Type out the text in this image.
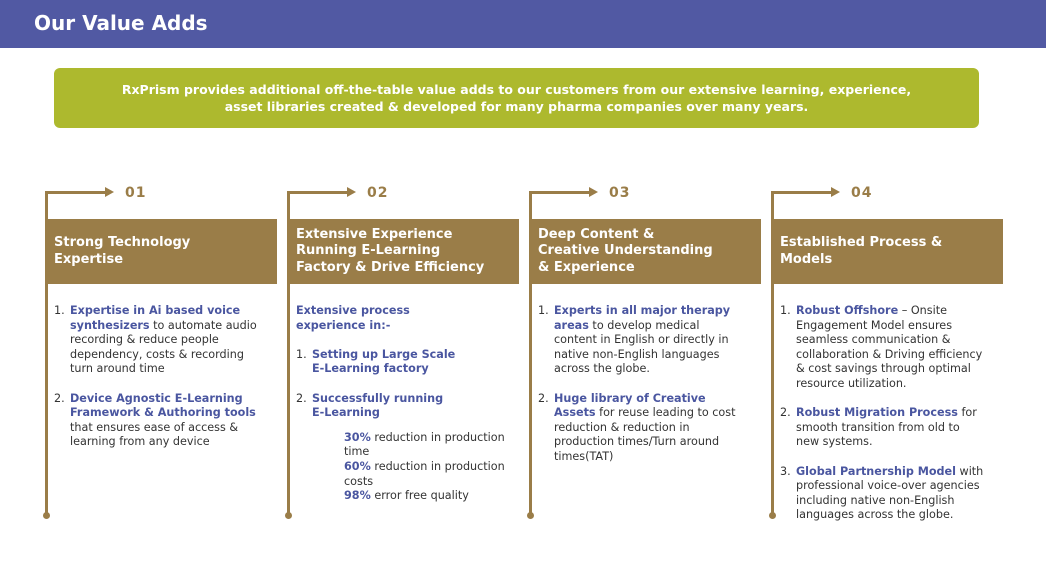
Our Value Adds
RxPrism provides additional off-the-table value adds to our customers from our extensive learning, experience,
asset libraries created & developed for many pharma companies over many years.
01
Strong Technology
Expertise
1. Expertise in Ai based voice
synthesizers to automate audio
recording & reduce people
dependency, costs & recording
turn around time
2. Device Agnostic E-Learning
Framework & Authoring tools
that ensures ease of access &
learning from any device
02
Extensive Experience
Running E-Learning
Factory & Drive Efficiency
Extensive process
experience in:-
1. Setting up Large Scale
E-Learning factory
2. Successfully running
E-Learning
30% reduction in production
time
60% reduction in production
costs
98% error free quality
03
Deep Content &
Creative Understanding
& Experience
1. Experts in all major therapy
areas to develop medical
content in English or directly in
native non-English languages
across the globe.
2. Huge library of Creative
Assets for reuse leading to cost
reduction & reduction in
production times/Turn around
times(TAT)
04
Established Process &
Models
1. Robust Offshore – Onsite
Engagement Model ensures
seamless communication &
collaboration & Driving efficiency
& cost savings through optimal
resource utilization.
2. Robust Migration Process for
smooth transition from old to
new systems.
3. Global Partnership Model with
professional voice-over agencies
including native non-English
languages across the globe.
